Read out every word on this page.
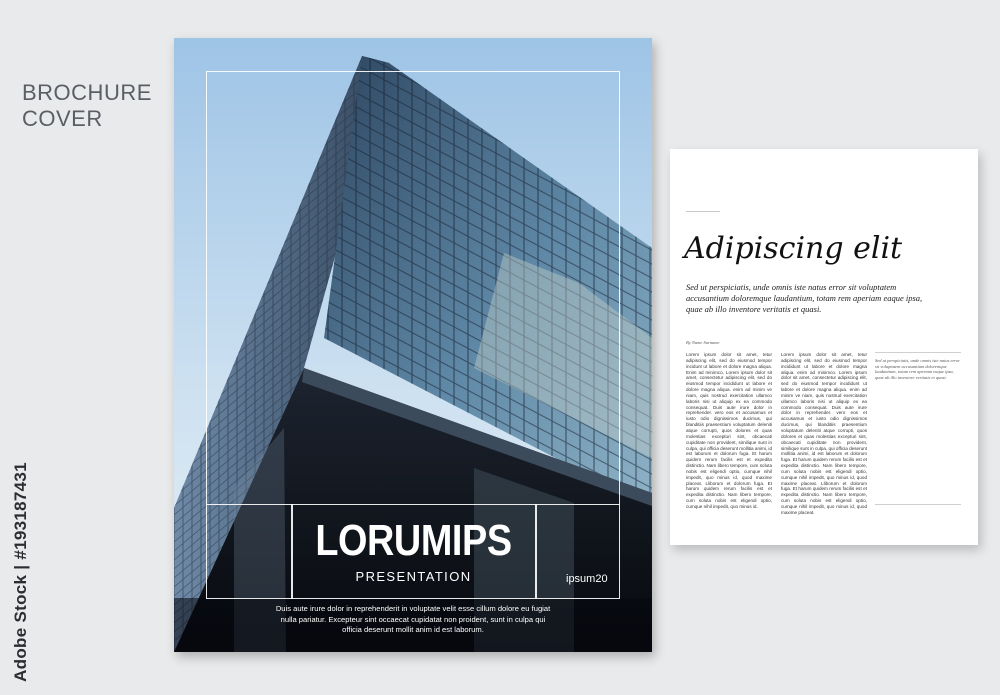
BROCHURE
COVER
Adobe Stock | #193187431	LORUMIPS
PRESENTATION	ipsum20
Duis aute irure dolor in reprehenderit in voluptate velit esse cillum dolore eu fugiat nulla pariatur. Excepteur sint occaecat cupidatat non proident, sunt in culpa qui officia deserunt mollit anim id est laborum.
Adipiscing elit
Sed ut perspiciatis, unde omnis iste natus error sit voluptatem accusantium doloremque laudantium, totam rem aperiam eaque ipsa, quae ab illo inventore veritatis et quasi.
By Name Surname
Lorem ipsum dolor sit amet, tetur adipiscing elit, sed do eiusmod tempor incidunt ut labore et dolore magna aliqua. Enim ad minimco. Lorem ipsum dolor sit amet, consectetur adipiscing elit, sed do eiusmod tempor incididunt ut labore et dolore magna aliqua. enim ad minim ve niam, quis nostrud exercitation ullamco laboris nisi ut aliquip ex ea commodo consequat. Duis aute irure dolor in reprehender. vero eos et accusamus et iusto odio dignissimos ducimus, qui blanditiis praesentium voluptatum deleniti atque corrupti, quos dolores et quas molestias excepturi sint, obcaecati cupiditate non provident, similique sunt in culpa, qui officia deserunt mollitia animi, id est laborum et dolorum fuga. Et harum quidem rerum facilis est et expedita distinctio. Nam libero tempore, cum soluta nobis est eligendi optio, cumque nihil impedit, quo minus id, quod maxime placeat. Lliborum et dolorum fuga. Et harum quidem rerum facilis est et expedita distinctio. Nam libero tempore, cum soluta nobis est eligendi optio, cumque nihil impedit, quo minus id.
Lorem ipsum dolor sit amet, tetur adipiscing elit, sed do eiusmod tempor incididunt ut labore et dolore magna aliqua. enim ad minimco. Lorem ipsum dolor sit amet, consectetur adipiscing elit, sed do eiusmod tempor incididunt ut labore et dolore magna aliqua. enim ad minim ve niam, quis nostrud exercitation ullamco laboris nisi ut aliquip ex ea commodo consequat. Duis aute irure dolor in reprehender. vero eos et accusamus et iusto odio dignissimos ducimus, qui blanditiis praesentium voluptatum deleniti atque corrupti, quos dolores et quas molestias excepturi sint, obcaecati cupiditate non provident, similique sunt in culpa, qui officia deserunt mollitia animi, id est laborum et dolorum fuga. Et harum quidem rerum facilis est et expedita distinctio. Nam libero tempore, cum soluta nobis est eligendi optio, cumque nihil impedit, quo minus id, quod maxime placeat. Lliborum et dolorum fuga. Et harum quidem rerum facilis est et expedita distinctio. Nam libero tempore, cum soluta nobis est eligendi optio, cumque nihil impedit, quo minus id, quod maxime placeat.
Sed ut perspiciatis, unde omnis iste natus error sit voluptatem accusantium doloremque laudantium, totam rem aperiam eaque ipsa, quae ab illo inventore veritatis et quasi.
